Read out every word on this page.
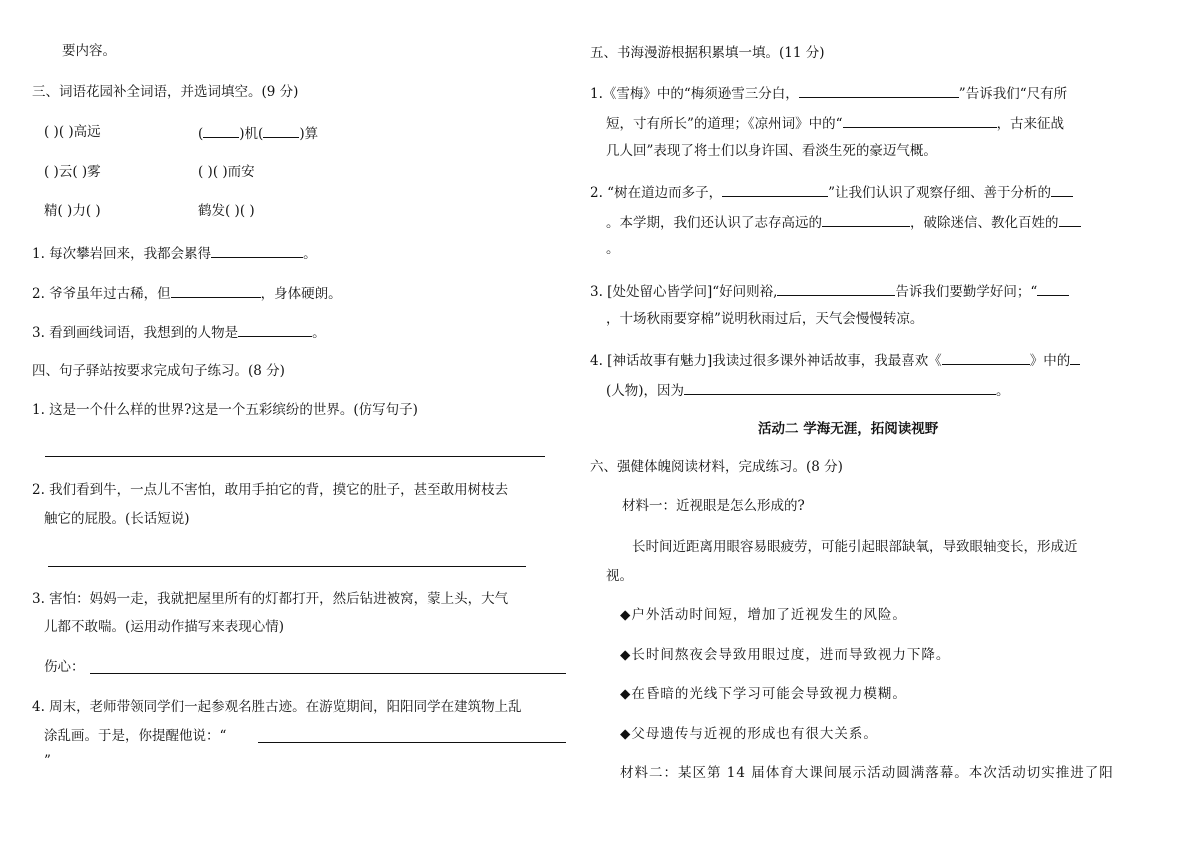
要内容。
三、词语花园补全词语，并选词填空。(9 分)
( )( )高远	(	)机(	)算
( )云( )雾	( )( )而安
精( )力( )	鹤发( )( )
1. 每次攀岩回来，我都会累得	。
2. 爷爷虽年过古稀，但	，身体硬朗。
3. 看到画线词语，我想到的人物是	。
四、句子驿站按要求完成句子练习。(8 分)
1. 这是一个什么样的世界?这是一个五彩缤纷的世界。(仿写句子)
2. 我们看到牛，一点儿不害怕，敢用手拍它的背，摸它的肚子，甚至敢用树枝去
触它的屁股。(长话短说)
3. 害怕：妈妈一走，我就把屋里所有的灯都打开，然后钻进被窝，蒙上头，大气
儿都不敢喘。(运用动作描写来表现心情)
伤心：
4. 周末，老师带领同学们一起参观名胜古迹。在游览期间，阳阳同学在建筑物上乱
涂乱画。于是，你提醒他说：“
”
五、书海漫游根据积累填一填。(11 分)
1.《雪梅》中的“梅须逊雪三分白，	”告诉我们“尺有所
短，寸有所长”的道理；《凉州词》中的“	，古来征战
几人回”表现了将士们以身许国、看淡生死的豪迈气概。
2. “树在道边而多子，	”让我们认识了观察仔细、善于分析的
。本学期，我们还认识了志存高远的	，破除迷信、教化百姓的
。
3. [处处留心皆学问]“好问则裕,	告诉我们要勤学好问；“
，十场秋雨要穿棉”说明秋雨过后，天气会慢慢转凉。
4. [神话故事有魅力]我读过很多课外神话故事，我最喜欢《	》中的
(人物)，因为	。
活动二 学海无涯，拓阅读视野
六、强健体魄阅读材料，完成练习。(8 分)
材料一：近视眼是怎么形成的?
长时间近距离用眼容易眼疲劳，可能引起眼部缺氧，导致眼轴变长，形成近
视。
◆户外活动时间短，增加了近视发生的风险。
◆长时间熬夜会导致用眼过度，进而导致视力下降。
◆在昏暗的光线下学习可能会导致视力模糊。
◆父母遗传与近视的形成也有很大关系。
材料二：某区第 14 届体育大课间展示活动圆满落幕。本次活动切实推进了阳
